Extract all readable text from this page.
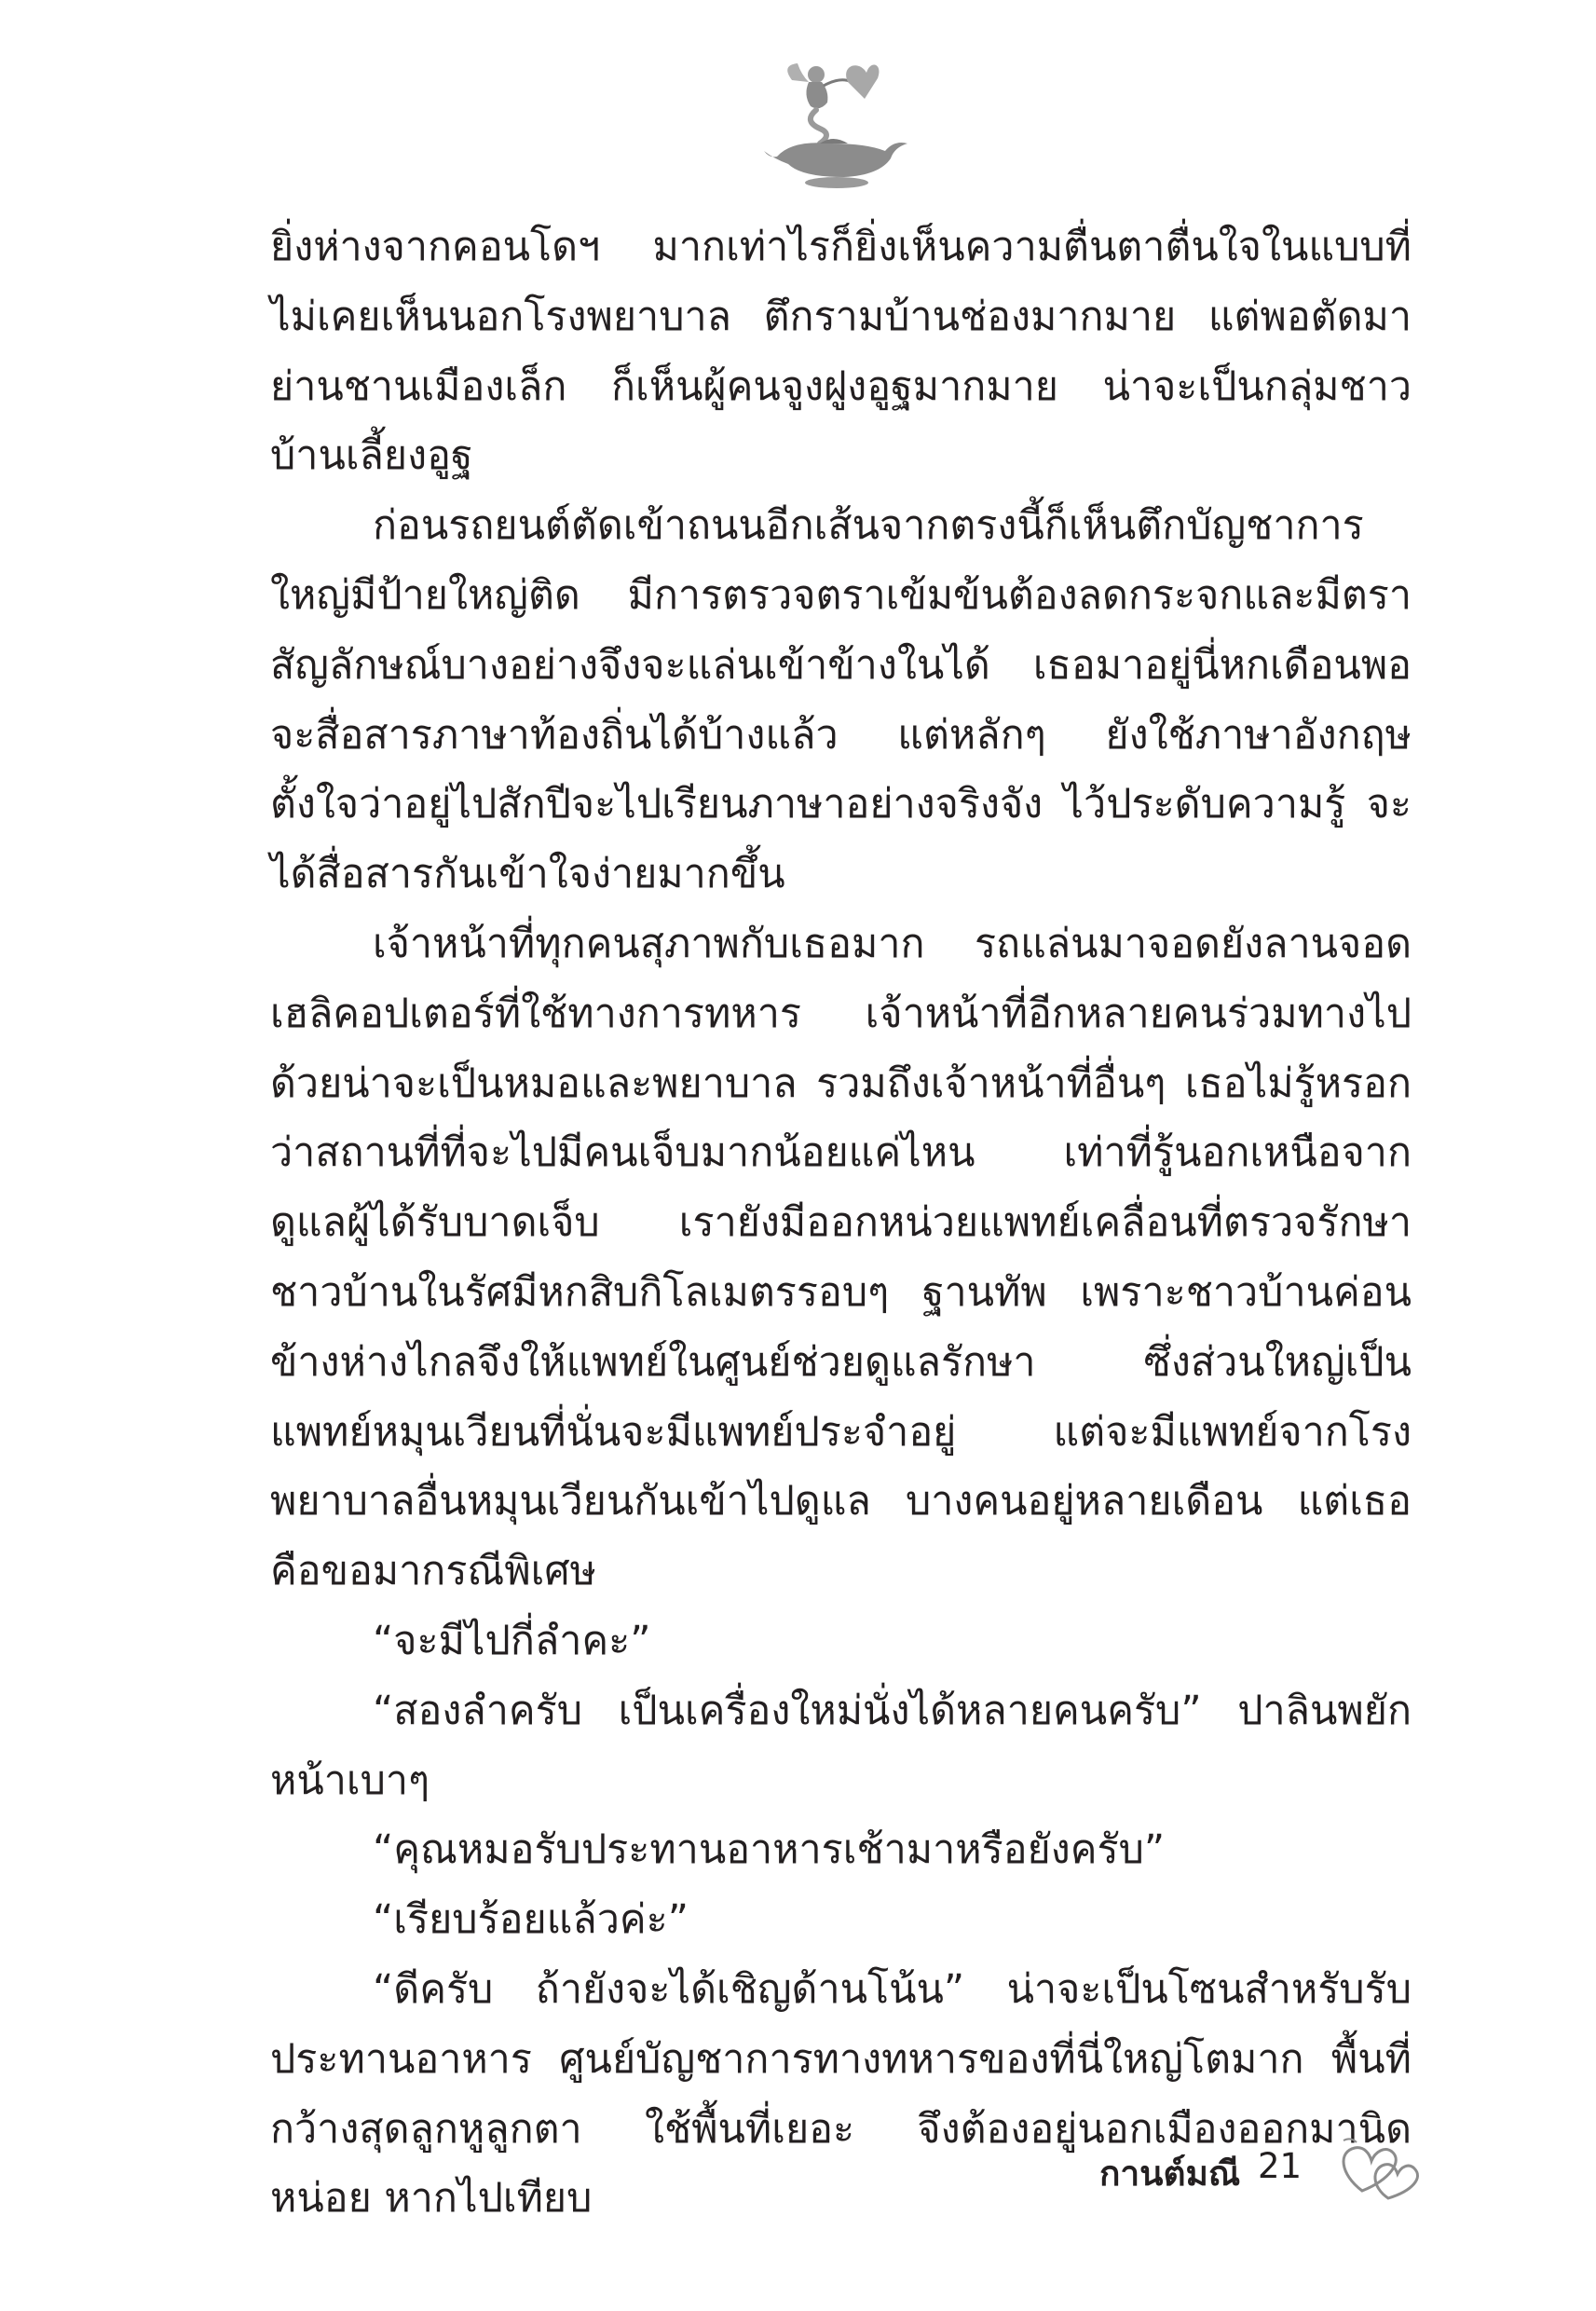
ยิ่งห่างจากคอนโดฯ มากเท่าไรก็ยิ่งเห็นความตื่นตาตื่นใจในแบบที่ไม่เคยเห็นนอกโรงพยาบาล ตึกรามบ้านช่องมากมาย แต่พอตัดมาย่านชานเมืองเล็ก ก็เห็นผู้คนจูงฝูงอูฐมากมาย น่าจะเป็นกลุ่มชาวบ้านเลี้ยงอูฐ

ก่อนรถยนต์ตัดเข้าถนนอีกเส้นจากตรงนี้ก็เห็นตึกบัญชาการใหญ่มีป้ายใหญ่ติด มีการตรวจตราเข้มข้นต้องลดกระจกและมีตราสัญลักษณ์บางอย่างจึงจะแล่นเข้าข้างในได้ เธอมาอยู่นี่หกเดือนพอจะสื่อสารภาษาท้องถิ่นได้บ้างแล้ว แต่หลักๆ ยังใช้ภาษาอังกฤษ ตั้งใจว่าอยู่ไปสักปีจะไปเรียนภาษาอย่างจริงจัง ไว้ประดับความรู้ จะได้สื่อสารกันเข้าใจง่ายมากขึ้น

เจ้าหน้าที่ทุกคนสุภาพกับเธอมาก รถแล่นมาจอดยังลานจอดเฮลิคอปเตอร์ที่ใช้ทางการทหาร เจ้าหน้าที่อีกหลายคนร่วมทางไปด้วยน่าจะเป็นหมอและพยาบาล รวมถึงเจ้าหน้าที่อื่นๆ เธอไม่รู้หรอกว่าสถานที่ที่จะไปมีคนเจ็บมากน้อยแค่ไหน เท่าที่รู้นอกเหนือจากดูแลผู้ได้รับบาดเจ็บ เรายังมีออกหน่วยแพทย์เคลื่อนที่ตรวจรักษาชาวบ้านในรัศมีหกสิบกิโลเมตรรอบๆ ฐานทัพ เพราะชาวบ้านค่อนข้างห่างไกลจึงให้แพทย์ในศูนย์ช่วยดูแลรักษา ซึ่งส่วนใหญ่เป็นแพทย์หมุนเวียนที่นั่นจะมีแพทย์ประจำอยู่ แต่จะมีแพทย์จากโรงพยาบาลอื่นหมุนเวียนกันเข้าไปดูแล บางคนอยู่หลายเดือน แต่เธอคือขอมากรณีพิเศษ

“จะมีไปกี่ลำคะ”

“สองลำครับ เป็นเครื่องใหม่นั่งได้หลายคนครับ” ปาลินพยักหน้าเบาๆ

“คุณหมอรับประทานอาหารเช้ามาหรือยังครับ”

“เรียบร้อยแล้วค่ะ”

“ดีครับ ถ้ายังจะได้เชิญด้านโน้น” น่าจะเป็นโซนสำหรับรับประทานอาหาร ศูนย์บัญชาการทางทหารของที่นี่ใหญ่โตมาก พื้นที่กว้างสุดลูกหูลูกตา ใช้พื้นที่เยอะ จึงต้องอยู่นอกเมืองออกมานิดหน่อย หากไปเทียบ

กานต์มณี 21
